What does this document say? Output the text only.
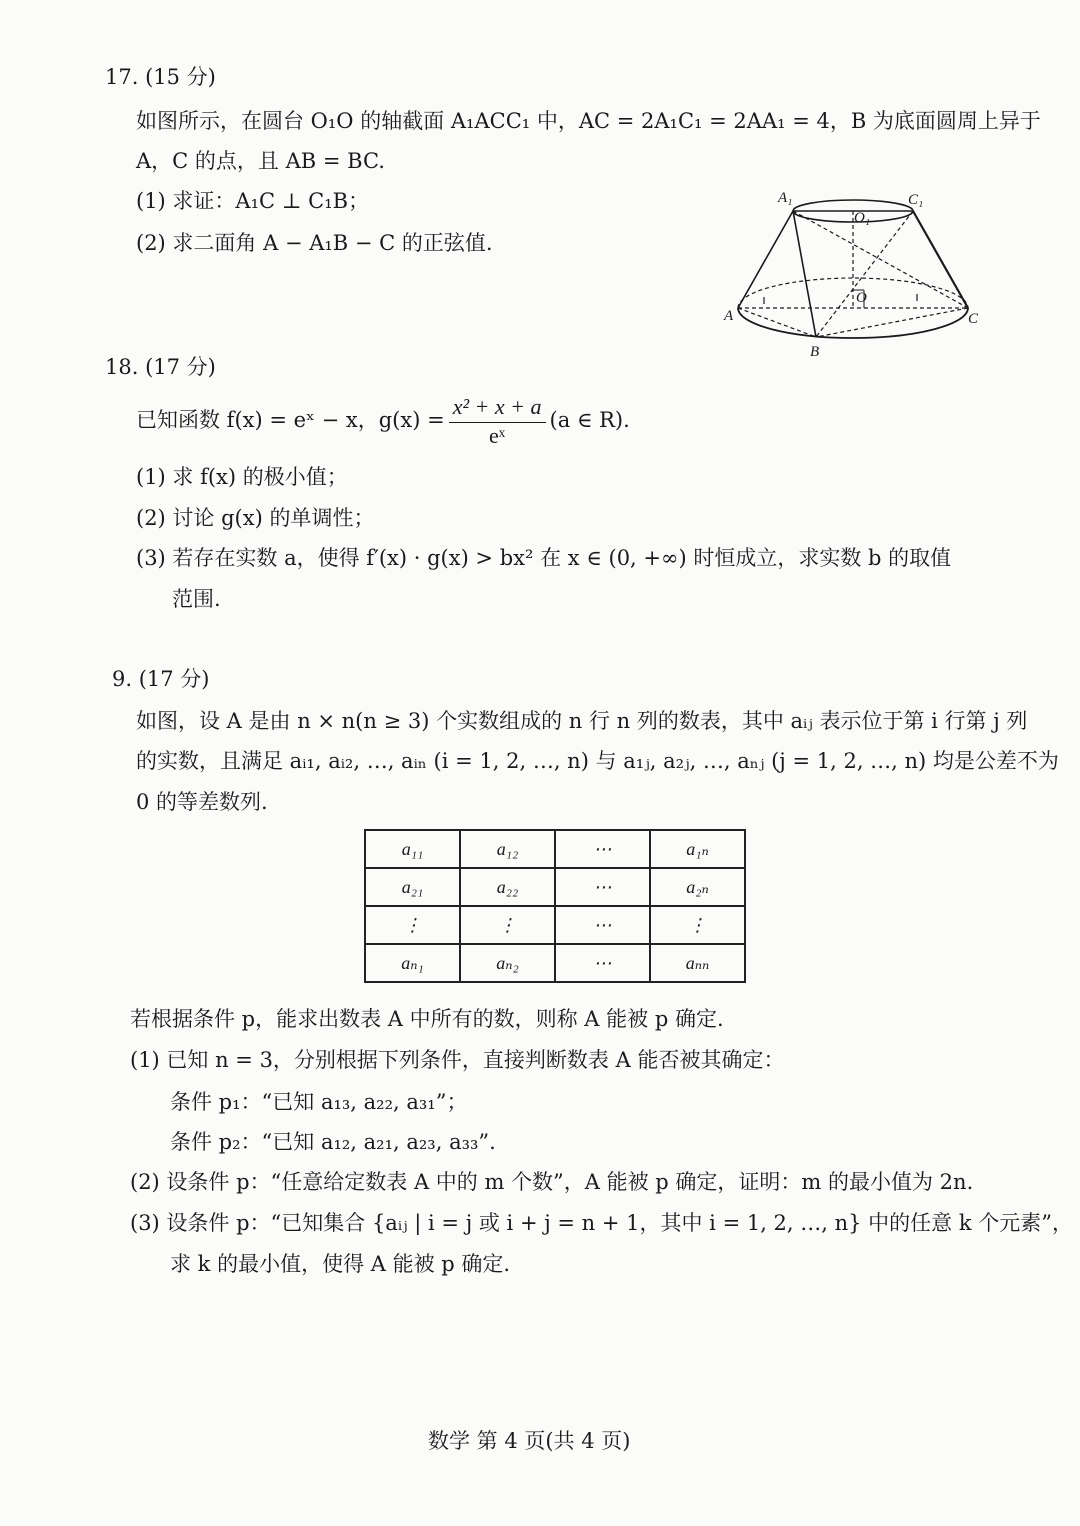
17. (15 分)
如图所示，在圆台 O₁O 的轴截面 A₁ACC₁ 中，AC = 2A₁C₁ = 2AA₁ = 4，B 为底面圆周上异于
A，C 的点，且 AB = BC.
(1) 求证：A₁C ⊥ C₁B；
(2) 求二面角 A − A₁B − C 的正弦值.
A₁	C₁
O₁
O
A	C
B
18. (17 分)
已知函数 f(x) = eˣ − x，$g(x) = \frac{\text{x² + x + a}}{\text{eˣ}} (a$ ∈ R).
(1) 求 f(x) 的极小值；
(2) 讨论 g(x) 的单调性；
(3) 若存在实数 a，使得 f′(x) · g(x) > bx² 在 x ∈ (0, +∞) 时恒成立，求实数 b 的取值
范围.
9. (17 分)
如图，设 A 是由 n × n(n ≥ 3) 个实数组成的 n 行 n 列的数表，其中 aᵢⱼ 表示位于第 i 行第 j 列
的实数，且满足 aᵢ₁, aᵢ₂, …, aᵢₙ (i = 1, 2, …, n) 与 a₁ⱼ, a₂ⱼ, …, aₙⱼ (j = 1, 2, …, n) 均是公差不为
0 的等差数列.
a₁₁	a₁₂	⋯	a₁ₙ
a₂₁	a₂₂	⋯	a₂ₙ
⋮	⋮	⋯	⋮
aₙ₁	aₙ₂	⋯	aₙₙ
若根据条件 p，能求出数表 A 中所有的数，则称 A 能被 p 确定.
(1) 已知 n = 3，分别根据下列条件，直接判断数表 A 能否被其确定：
条件 p₁：“已知 a₁₃, a₂₂, a₃₁”；
条件 p₂：“已知 a₁₂, a₂₁, a₂₃, a₃₃”.
(2) 设条件 p：“任意给定数表 A 中的 m 个数”，A 能被 p 确定，证明：m 的最小值为 2n.
(3) 设条件 p：“已知集合 {aᵢⱼ | i = j 或 i + j = n + 1，其中 i = 1, 2, …, n} 中的任意 k 个元素”，
求 k 的最小值，使得 A 能被 p 确定.
数学 第 4 页(共 4 页)
